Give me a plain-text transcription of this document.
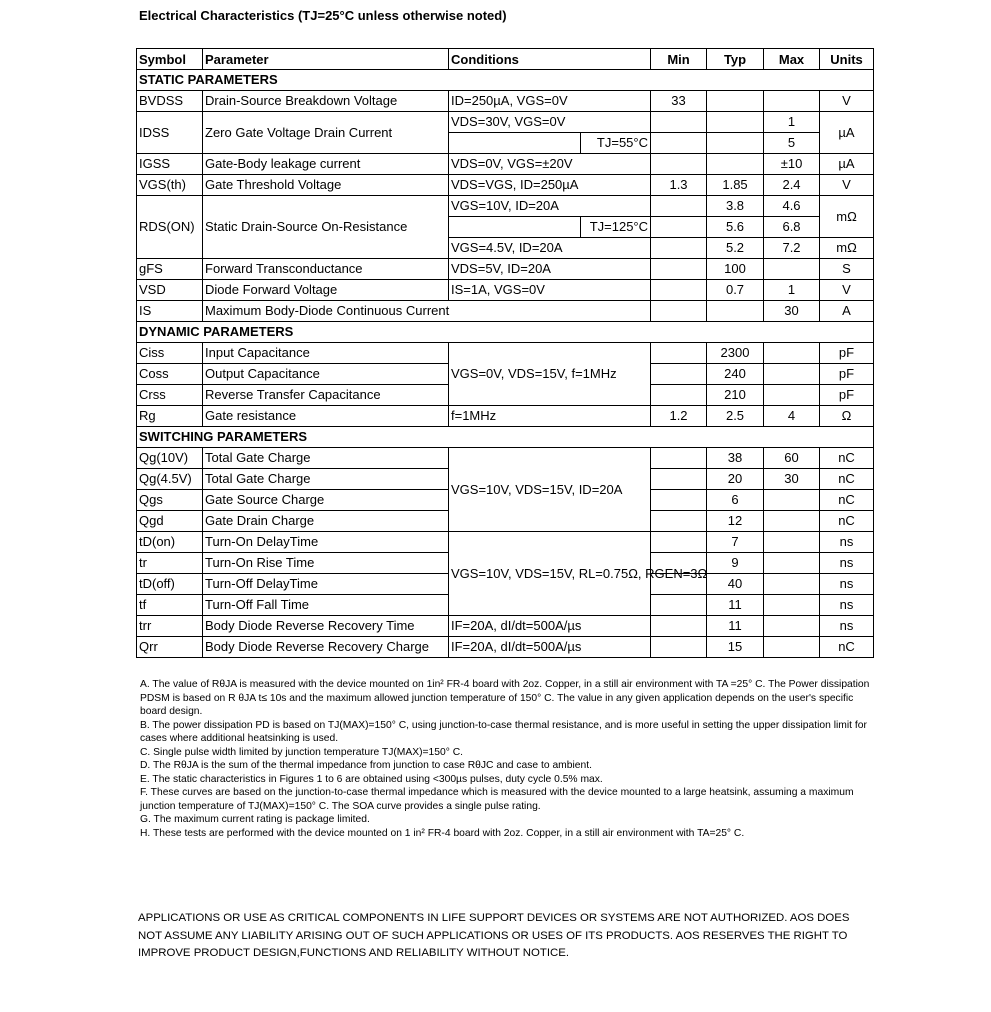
Electrical Characteristics (TJ=25°C unless otherwise noted)
Symbol	Parameter	Conditions		Min	Typ	Max	Units
STATIC PARAMETERS							
BVDSS	Drain-Source Breakdown Voltage	ID=250µA, VGS=0V		33			V
IDSS	Zero Gate Voltage Drain Current	VDS=30V, VGS=0V				1	µA
			TJ=55°C			5	
IGSS	Gate-Body leakage current	VDS=0V, VGS=±20V				±10	µA
VGS(th)	Gate Threshold Voltage	VDS=VGS, ID=250µA		1.3	1.85	2.4	V
RDS(ON)	Static Drain-Source On-Resistance	VGS=10V, ID=20A			3.8	4.6	mΩ
			TJ=125°C		5.6	6.8	
		VGS=4.5V, ID=20A			5.2	7.2	mΩ
gFS	Forward Transconductance	VDS=5V, ID=20A			100		S
VSD	Diode Forward Voltage	IS=1A, VGS=0V			0.7	1	V
IS	Maximum Body-Diode Continuous Current					30	A
DYNAMIC PARAMETERS							
Ciss	Input Capacitance	VGS=0V, VDS=15V, f=1MHz			2300		pF
Coss	Output Capacitance				240		pF
Crss	Reverse Transfer Capacitance				210		pF
Rg	Gate resistance	f=1MHz		1.2	2.5	4	Ω
SWITCHING PARAMETERS							
Qg(10V)	Total Gate Charge	VGS=10V, VDS=15V, ID=20A			38	60	nC
Qg(4.5V)	Total Gate Charge				20	30	nC
Qgs	Gate Source Charge				6		nC
Qgd	Gate Drain Charge				12		nC
tD(on)	Turn-On DelayTime	VGS=10V, VDS=15V, RL=0.75Ω, RGEN=3Ω			7		ns
tr	Turn-On Rise Time				9		ns
tD(off)	Turn-Off DelayTime				40		ns
tf	Turn-Off Fall Time				11		ns
trr	Body Diode Reverse Recovery Time	IF=20A, dI/dt=500A/µs			11		ns
Qrr	Body Diode Reverse Recovery Charge	IF=20A, dI/dt=500A/µs			15		nC

A. The value of RθJA is measured with the device mounted on 1in² FR-4 board with 2oz. Copper, in a still air environment with TA =25° C. The Power dissipation PDSM is based on R θJA t≤ 10s and the maximum allowed junction temperature of 150° C. The value in any given application depends on the user's specific board design.

B. The power dissipation PD is based on TJ(MAX)=150° C, using junction-to-case thermal resistance, and is more useful in setting the upper dissipation limit for cases where additional heatsinking is used.

C. Single pulse width limited by junction temperature TJ(MAX)=150° C.

D. The RθJA is the sum of the thermal impedance from junction to case RθJC and case to ambient.

E. The static characteristics in Figures 1 to 6 are obtained using <300µs pulses, duty cycle 0.5% max.

F. These curves are based on the junction-to-case thermal impedance which is measured with the device mounted to a large heatsink, assuming a maximum junction temperature of TJ(MAX)=150° C. The SOA curve provides a single pulse rating.

G. The maximum current rating is package limited.

H. These tests are performed with the device mounted on 1 in² FR-4 board with 2oz. Copper, in a still air environment with TA=25° C.

APPLICATIONS OR USE AS CRITICAL COMPONENTS IN LIFE SUPPORT DEVICES OR SYSTEMS ARE NOT AUTHORIZED. AOS DOES NOT ASSUME ANY LIABILITY ARISING OUT OF SUCH APPLICATIONS OR USES OF ITS PRODUCTS. AOS RESERVES THE RIGHT TO IMPROVE PRODUCT DESIGN,FUNCTIONS AND RELIABILITY WITHOUT NOTICE.
